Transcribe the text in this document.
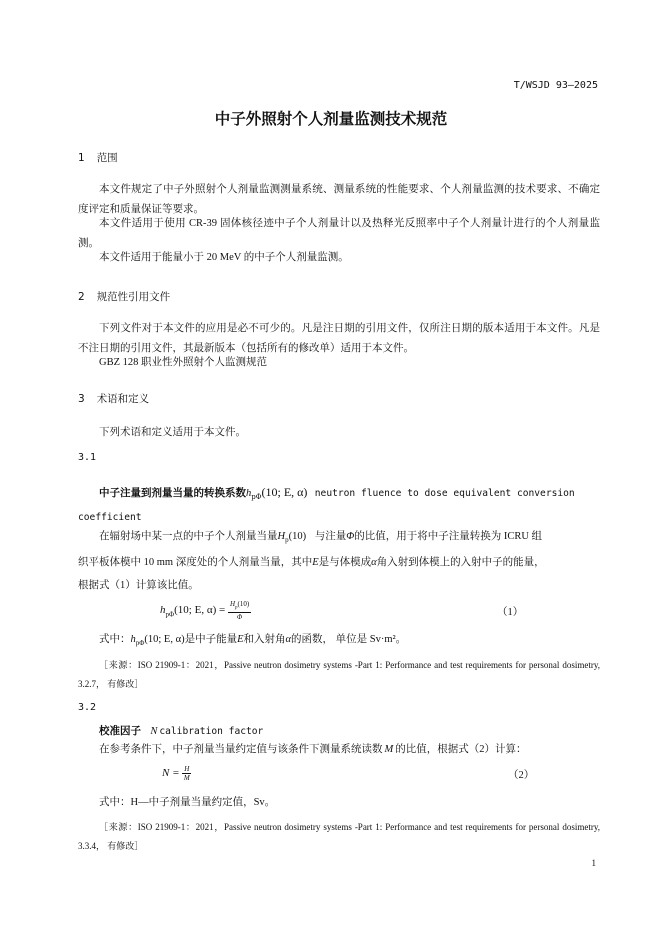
T/WSJD 93—2025
中子外照射个人剂量监测技术规范
1 范围
本文件规定了中子外照射个人剂量监测测量系统、测量系统的性能要求、个人剂量监测的技术要求、不确定度评定和质量保证等要求。
本文件适用于使用 CR-39 固体核径迹中子个人剂量计以及热释光反照率中子个人剂量计进行的个人剂量监测。
本文件适用于能量小于 20 MeV 的中子个人剂量监测。
2 规范性引用文件
下列文件对于本文件的应用是必不可少的。凡是注日期的引用文件，仅所注日期的版本适用于本文件。凡是不注日期的引用文件，其最新版本（包括所有的修改单）适用于本文件。
GBZ 128 职业性外照射个人监测规范
3 术语和定义
下列术语和定义适用于本文件。
3.1
中子注量到剂量当量的转换系数$h_{p\Phi}(10$; E, α) neutron fluence to dose equivalent conversion
coefficient
在辐射场中某一点的中子个人剂量当量$H_p(10)$ 与注量Φ的比值，用于将中子注量转换为 ICRU 组
织平板体模中 10 mm 深度处的个人剂量当量，其中E是与体模成α角入射到体模上的入射中子的能量，
根据式（1）计算该比值。
$h_{p\Phi}(10$; E, $\alpha) = \frac{H_p(10)}{\Phi}$	（1）
式中：$h_{p\Phi}(10$; E, α)是中子能量E和入射角α的函数， 单位是 Sv·m²。
［来源：ISO 21909-1：2021，Passive neutron dosimetry systems -Part 1: Performance and test requirements for personal dosimetry, 3.2.7， 有修改］
3.2
校准因子 N calibration factor
在参考条件下，中子剂量当量约定值与该条件下测量系统读数 M 的比值，根据式（2）计算：
$N = \frac{H}{M}$	（2）
式中：H—中子剂量当量约定值，Sv。
［来源：ISO 21909-1：2021，Passive neutron dosimetry systems -Part 1: Performance and test requirements for personal dosimetry, 3.3.4， 有修改］
1
